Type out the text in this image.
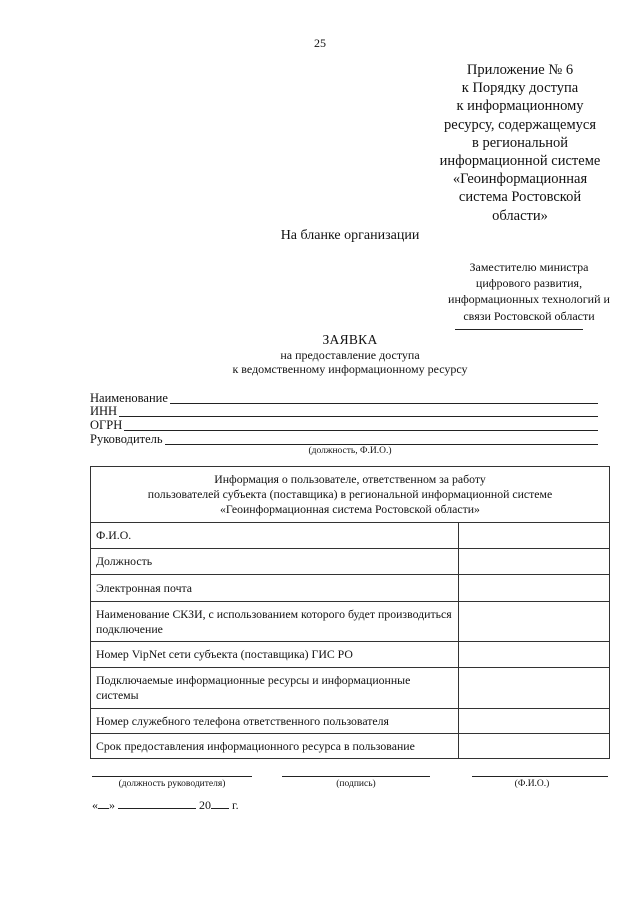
25
Приложение № 6
к Порядку доступа
к информационному
ресурсу, содержащемуся
в региональной
информационной системе
«Геоинформационная
система Ростовской
области»
На бланке организации
Заместителю министра
цифрового развития,
информационных технологий и
связи Ростовской области
ЗАЯВКА
на предоставление доступа
к ведомственному информационному ресурсу
Наименование
ИНН
ОГРН
Руководитель
(должность, Ф.И.О.)
Информация о пользователе, ответственном за работу
пользователей субъекта (поставщика) в региональной информационной системе
«Геоинформационная система Ростовской области»	

Ф.И.О.	
Должность	
Электронная почта	
Наименование СКЗИ, с использованием которого будет производиться подключение	
Номер VipNet сети субъекта (поставщика) ГИС РО	
Подключаемые информационные ресурсы и информационные системы	
Номер служебного телефона ответственного пользователя	
Срок предоставления информационного ресурса в пользование	
(должность руководителя)	(подпись)	(Ф.И.О.)
« »	20 г.
